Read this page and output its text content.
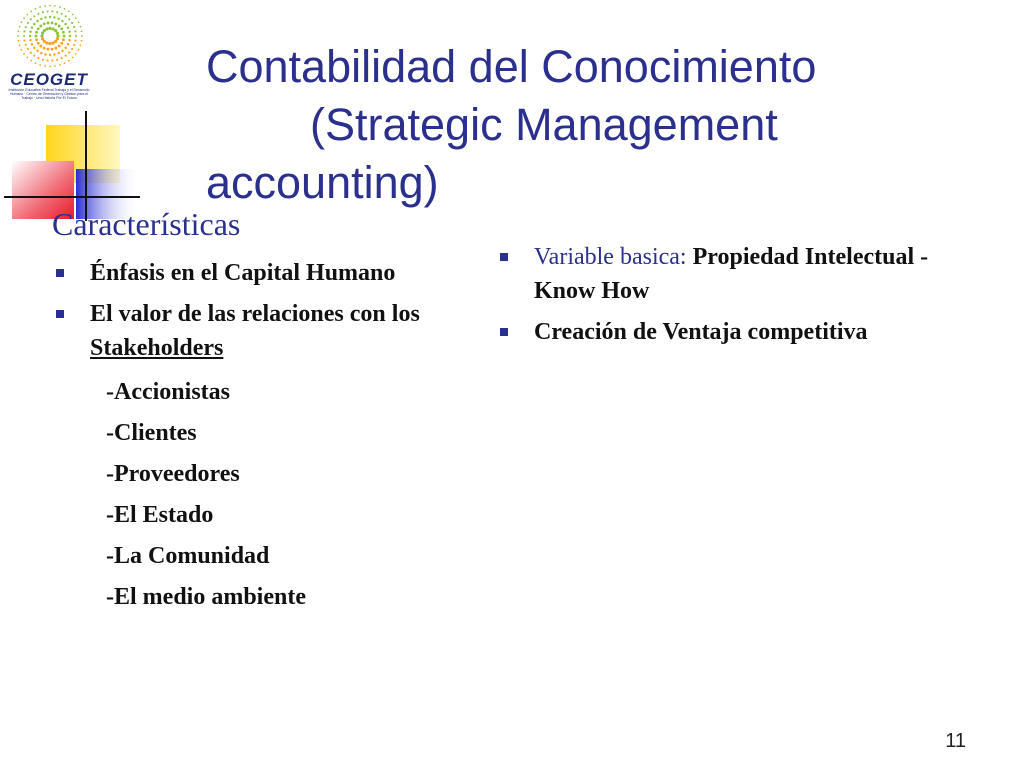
CEOGET
Institución Educativa Federal Trabajo y el Desarrollo Humano · Centro de Orientación y Gestión para el Trabajo · Una Historia Por El Futuro
Contabilidad del Conocimiento
(Strategic Management
accounting)
Características
Énfasis en el Capital Humano
El valor de las relaciones con los Stakeholders
-Accionistas
-Clientes
-Proveedores
-El Estado
-La Comunidad
-El medio ambiente
Variable basica: Propiedad Intelectual - Know How
Creación de Ventaja competitiva
11
